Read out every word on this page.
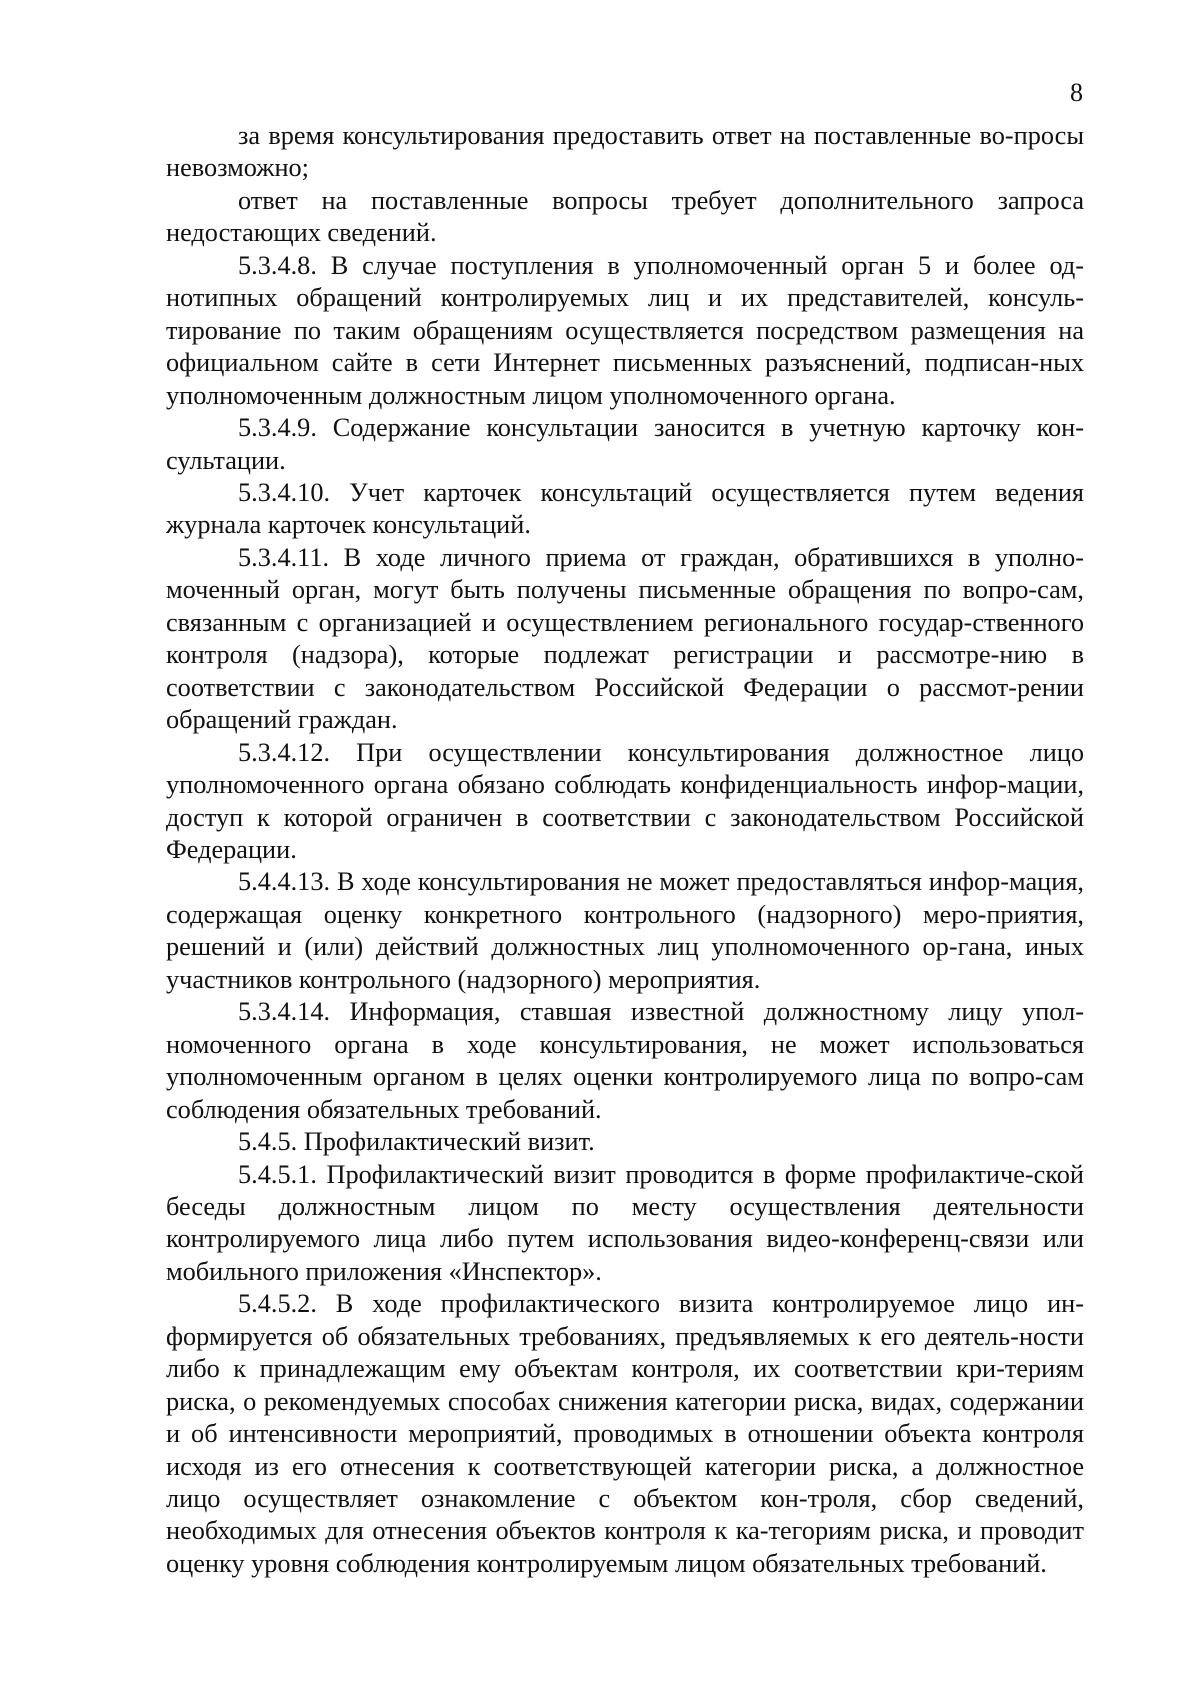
8

за время консультирования предоставить ответ на поставленные во-просы невозможно;

ответ на поставленные вопросы требует дополнительного запроса недостающих сведений.

5.3.4.8. В случае поступления в уполномоченный орган 5 и более од-нотипных обращений контролируемых лиц и их представителей, консуль-тирование по таким обращениям осуществляется посредством размещения на официальном сайте в сети Интернет письменных разъяснений, подписан-ных уполномоченным должностным лицом уполномоченного органа.

5.3.4.9. Содержание консультации заносится в учетную карточку кон-сультации.

5.3.4.10. Учет карточек консультаций осуществляется путем ведения журнала карточек консультаций.

5.3.4.11. В ходе личного приема от граждан, обратившихся в уполно-моченный орган, могут быть получены письменные обращения по вопро-сам, связанным с организацией и осуществлением регионального государ-ственного контроля (надзора), которые подлежат регистрации и рассмотре-нию в соответствии с законодательством Российской Федерации о рассмот-рении обращений граждан.

5.3.4.12. При осуществлении консультирования должностное лицо уполномоченного органа обязано соблюдать конфиденциальность инфор-мации, доступ к которой ограничен в соответствии с законодательством Российской Федерации.

5.4.4.13. В ходе консультирования не может предоставляться инфор-мация, содержащая оценку конкретного контрольного (надзорного) меро-приятия, решений и (или) действий должностных лиц уполномоченного ор-гана, иных участников контрольного (надзорного) мероприятия.

5.3.4.14. Информация, ставшая известной должностному лицу упол-номоченного органа в ходе консультирования, не может использоваться уполномоченным органом в целях оценки контролируемого лица по вопро-сам соблюдения обязательных требований.

5.4.5. Профилактический визит.

5.4.5.1. Профилактический визит проводится в форме профилактиче-ской беседы должностным лицом по месту осуществления деятельности контролируемого лица либо путем использования видео-конференц-связи или мобильного приложения «Инспектор».

5.4.5.2. В ходе профилактического визита контролируемое лицо ин-формируется об обязательных требованиях, предъявляемых к его деятель-ности либо к принадлежащим ему объектам контроля, их соответствии кри-териям риска, о рекомендуемых способах снижения категории риска, видах, содержании и об интенсивности мероприятий, проводимых в отношении объекта контроля исходя из его отнесения к соответствующей категории риска, а должностное лицо осуществляет ознакомление с объектом кон-троля, сбор сведений, необходимых для отнесения объектов контроля к ка-тегориям риска, и проводит оценку уровня соблюдения контролируемым лицом обязательных требований.
